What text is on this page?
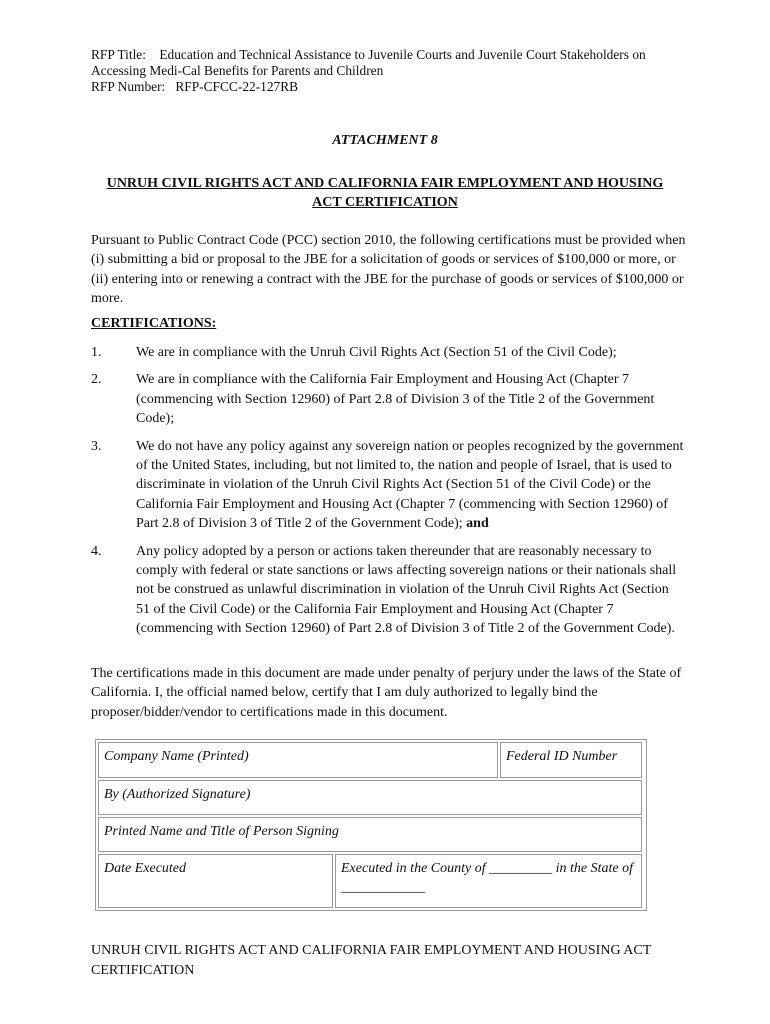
RFP Title: Education and Technical Assistance to Juvenile Courts and Juvenile Court Stakeholders on
Accessing Medi-Cal Benefits for Parents and Children
RFP Number: RFP-CFCC-22-127RB
ATTACHMENT 8
UNRUH CIVIL RIGHTS ACT AND CALIFORNIA FAIR EMPLOYMENT AND HOUSING ACT CERTIFICATION
Pursuant to Public Contract Code (PCC) section 2010, the following certifications must be provided when (i) submitting a bid or proposal to the JBE for a solicitation of goods or services of $100,000 or more, or (ii) entering into or renewing a contract with the JBE for the purchase of goods or services of $100,000 or more.
CERTIFICATIONS:
1.	We are in compliance with the Unruh Civil Rights Act (Section 51 of the Civil Code);
2.	We are in compliance with the California Fair Employment and Housing Act (Chapter 7 (commencing with Section 12960) of Part 2.8 of Division 3 of the Title 2 of the Government Code);
3.	We do not have any policy against any sovereign nation or peoples recognized by the government of the United States, including, but not limited to, the nation and people of Israel, that is used to discriminate in violation of the Unruh Civil Rights Act (Section 51 of the Civil Code) or the California Fair Employment and Housing Act (Chapter 7 (commencing with Section 12960) of Part 2.8 of Division 3 of Title 2 of the Government Code); and
4.	Any policy adopted by a person or actions taken thereunder that are reasonably necessary to comply with federal or state sanctions or laws affecting sovereign nations or their nationals shall not be construed as unlawful discrimination in violation of the Unruh Civil Rights Act (Section 51 of the Civil Code) or the California Fair Employment and Housing Act (Chapter 7 (commencing with Section 12960) of Part 2.8 of Division 3 of Title 2 of the Government Code).
The certifications made in this document are made under penalty of perjury under the laws of the State of California. I, the official named below, certify that I am duly authorized to legally bind the proposer/bidder/vendor to certifications made in this document.
Company Name (Printed)	Federal ID Number
By (Authorized Signature)
Printed Name and Title of Person Signing
Date Executed	Executed in the County of _________ in the State of ____________
UNRUH CIVIL RIGHTS ACT AND CALIFORNIA FAIR EMPLOYMENT AND HOUSING ACT CERTIFICATION
